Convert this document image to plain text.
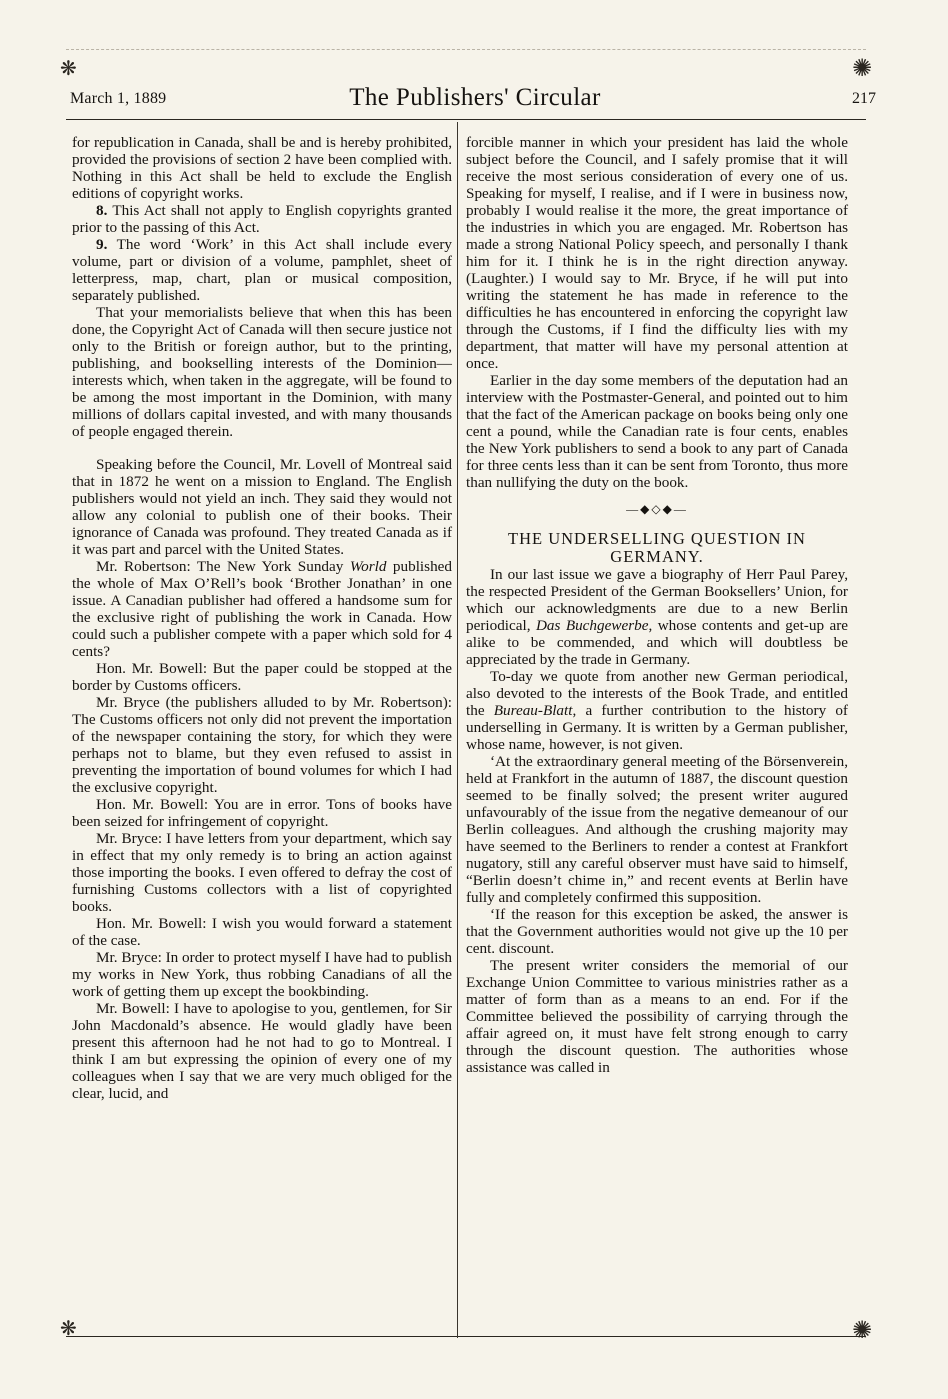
❋	✺
❋	✺
March 1, 1889	The Publishers' Circular	217

for republication in Canada, shall be and is hereby prohibited, provided the provisions of section 2 have been complied with. Nothing in this Act shall be held to exclude the English editions of copyright works.

8. This Act shall not apply to English copyrights granted prior to the passing of this Act.

9. The word ‘Work’ in this Act shall include every volume, part or division of a volume, pamphlet, sheet of letterpress, map, chart, plan or musical composition, separately published.

That your memorialists believe that when this has been done, the Copyright Act of Canada will then secure justice not only to the British or foreign author, but to the printing, publishing, and bookselling interests of the Dominion—interests which, when taken in the aggregate, will be found to be among the most important in the Dominion, with many millions of dollars capital invested, and with many thousands of people engaged therein.

Speaking before the Council, Mr. Lovell of Montreal said that in 1872 he went on a mission to England. The English publishers would not yield an inch. They said they would not allow any colonial to publish one of their books. Their ignorance of Canada was profound. They treated Canada as if it was part and parcel with the United States.

Mr. Robertson: The New York Sunday World published the whole of Max O’Rell’s book ‘Brother Jonathan’ in one issue. A Canadian publisher had offered a handsome sum for the exclusive right of publishing the work in Canada. How could such a publisher compete with a paper which sold for 4 cents?

Hon. Mr. Bowell: But the paper could be stopped at the border by Customs officers.

Mr. Bryce (the publishers alluded to by Mr. Robertson): The Customs officers not only did not prevent the importation of the newspaper containing the story, for which they were perhaps not to blame, but they even refused to assist in preventing the importation of bound volumes for which I had the exclusive copyright.

Hon. Mr. Bowell: You are in error. Tons of books have been seized for infringement of copyright.

Mr. Bryce: I have letters from your department, which say in effect that my only remedy is to bring an action against those importing the books. I even offered to defray the cost of furnishing Customs collectors with a list of copyrighted books.

Hon. Mr. Bowell: I wish you would forward a statement of the case.

Mr. Bryce: In order to protect myself I have had to publish my works in New York, thus robbing Canadians of all the work of getting them up except the bookbinding.

Mr. Bowell: I have to apologise to you, gentlemen, for Sir John Macdonald’s absence. He would gladly have been present this afternoon had he not had to go to Montreal. I think I am but expressing the opinion of every one of my colleagues when I say that we are very much obliged for the clear, lucid, and

forcible manner in which your president has laid the whole subject before the Council, and I safely promise that it will receive the most serious consideration of every one of us. Speaking for myself, I realise, and if I were in business now, probably I would realise it the more, the great importance of the industries in which you are engaged. Mr. Robertson has made a strong National Policy speech, and personally I thank him for it. I think he is in the right direction anyway. (Laughter.) I would say to Mr. Bryce, if he will put into writing the statement he has made in reference to the difficulties he has encountered in enforcing the copyright law through the Customs, if I find the difficulty lies with my department, that matter will have my personal attention at once.

Earlier in the day some members of the deputation had an interview with the Postmaster-General, and pointed out to him that the fact of the American package on books being only one cent a pound, while the Canadian rate is four cents, enables the New York publishers to send a book to any part of Canada for three cents less than it can be sent from Toronto, thus more than nullifying the duty on the book.

—◆◇◆—
THE UNDERSELLING QUESTION IN
GERMANY.

In our last issue we gave a biography of Herr Paul Parey, the respected President of the German Booksellers’ Union, for which our acknowledgments are due to a new Berlin periodical, Das Buchgewerbe, whose contents and get-up are alike to be commended, and which will doubtless be appreciated by the trade in Germany.

To-day we quote from another new German periodical, also devoted to the interests of the Book Trade, and entitled the Bureau-Blatt, a further contribution to the history of underselling in Germany. It is written by a German publisher, whose name, however, is not given.

‘At the extraordinary general meeting of the Börsenverein, held at Frankfort in the autumn of 1887, the discount question seemed to be finally solved; the present writer augured unfavourably of the issue from the negative demeanour of our Berlin colleagues. And although the crushing majority may have seemed to the Berliners to render a contest at Frankfort nugatory, still any careful observer must have said to himself, “Berlin doesn’t chime in,” and recent events at Berlin have fully and completely confirmed this supposition.

‘If the reason for this exception be asked, the answer is that the Government authorities would not give up the 10 per cent. discount.

The present writer considers the memorial of our Exchange Union Committee to various ministries rather as a matter of form than as a means to an end. For if the Committee believed the possibility of carrying through the affair agreed on, it must have felt strong enough to carry through the discount question. The authorities whose assistance was called in
